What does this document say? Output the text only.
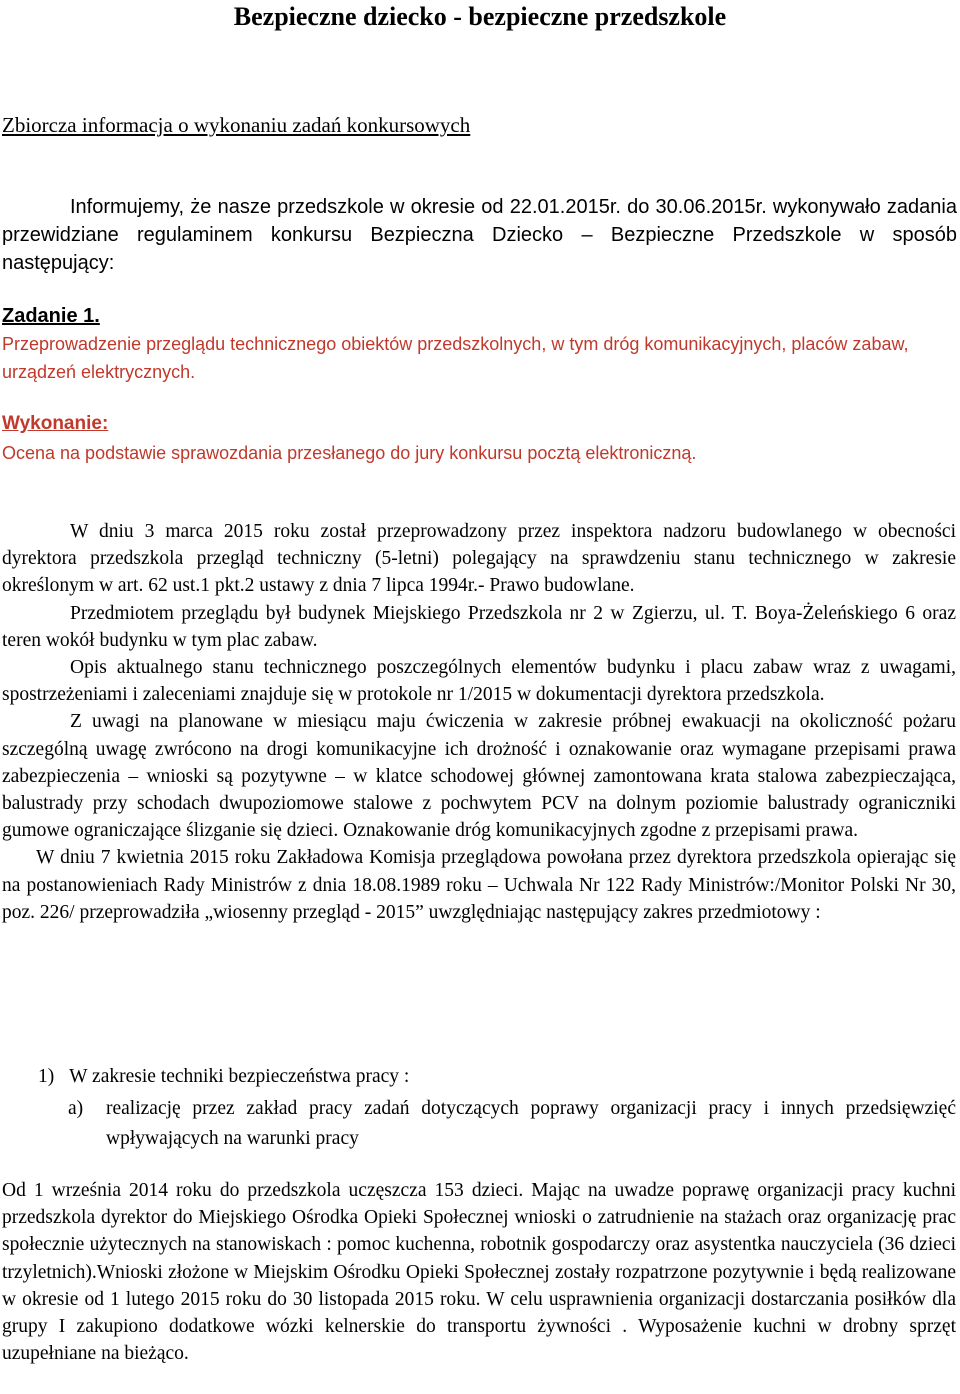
Bezpieczne dziecko - bezpieczne przedszkole
Zbiorcza informacja o wykonaniu zadań konkursowych

Informujemy, że nasze przedszkole w okresie od 22.01.2015r. do 30.06.2015r. wykonywało zadania przewidziane regulaminem konkursu Bezpieczna Dziecko – Bezpieczne Przedszkole w sposób następujący:

Zadanie 1.

Przeprowadzenie przeglądu technicznego obiektów przedszkolnych, w tym dróg komunikacyjnych, placów zabaw, urządzeń elektrycznych.

Wykonanie:
Ocena na podstawie sprawozdania przesłanego do jury konkursu pocztą elektroniczną.

W dniu 3 marca 2015 roku został przeprowadzony przez inspektora nadzoru budowlanego w obecności dyrektora przedszkola przegląd techniczny (5-letni) polegający na sprawdzeniu stanu technicznego w zakresie określonym w art. 62 ust.1 pkt.2 ustawy z dnia 7 lipca 1994r.- Prawo budowlane.

Przedmiotem przeglądu był budynek Miejskiego Przedszkola nr 2 w Zgierzu, ul. T. Boya-Żeleńskiego 6 oraz teren wokół budynku w tym plac zabaw.

Opis aktualnego stanu technicznego poszczególnych elementów budynku i placu zabaw wraz z uwagami, spostrzeżeniami i zaleceniami znajduje się w protokole nr 1/2015 w dokumentacji dyrektora przedszkola.

Z uwagi na planowane w miesiącu maju ćwiczenia w zakresie próbnej ewakuacji na okoliczność pożaru szczególną uwagę zwrócono na drogi komunikacyjne ich drożność i oznakowanie oraz wymagane przepisami prawa zabezpieczenia – wnioski są pozytywne – w klatce schodowej głównej zamontowana krata stalowa zabezpieczająca, balustrady przy schodach dwupoziomowe stalowe z pochwytem PCV na dolnym poziomie balustrady ograniczniki gumowe ograniczające ślizganie się dzieci. Oznakowanie dróg komunikacyjnych zgodne z przepisami prawa.

W dniu 7 kwietnia 2015 roku Zakładowa Komisja przeglądowa powołana przez dyrektora przedszkola opierając się na postanowieniach Rady Ministrów z dnia 18.08.1989 roku – Uchwala Nr 122 Rady Ministrów:/Monitor Polski Nr 30, poz. 226/ przeprowadziła „wiosenny przegląd - 2015” uwzględniając następujący zakres przedmiotowy :

1) W zakresie techniki bezpieczeństwa pracy :
a) realizację przez zakład pracy zadań dotyczących poprawy organizacji pracy i innych przedsięwzięć wpływających na warunki pracy

Od 1 września 2014 roku do przedszkola uczęszcza 153 dzieci. Mając na uwadze poprawę organizacji pracy kuchni przedszkola dyrektor do Miejskiego Ośrodka Opieki Społecznej wnioski o zatrudnienie na stażach oraz organizację prac społecznie użytecznych na stanowiskach : pomoc kuchenna, robotnik gospodarczy oraz asystentka nauczyciela (36 dzieci trzyletnich).Wnioski złożone w Miejskim Ośrodku Opieki Społecznej zostały rozpatrzone pozytywnie i będą realizowane w okresie od 1 lutego 2015 roku do 30 listopada 2015 roku. W celu usprawnienia organizacji dostarczania posiłków dla grupy I zakupiono dodatkowe wózki kelnerskie do transportu żywności . Wyposażenie kuchni w drobny sprzęt uzupełniane na bieżąco.
